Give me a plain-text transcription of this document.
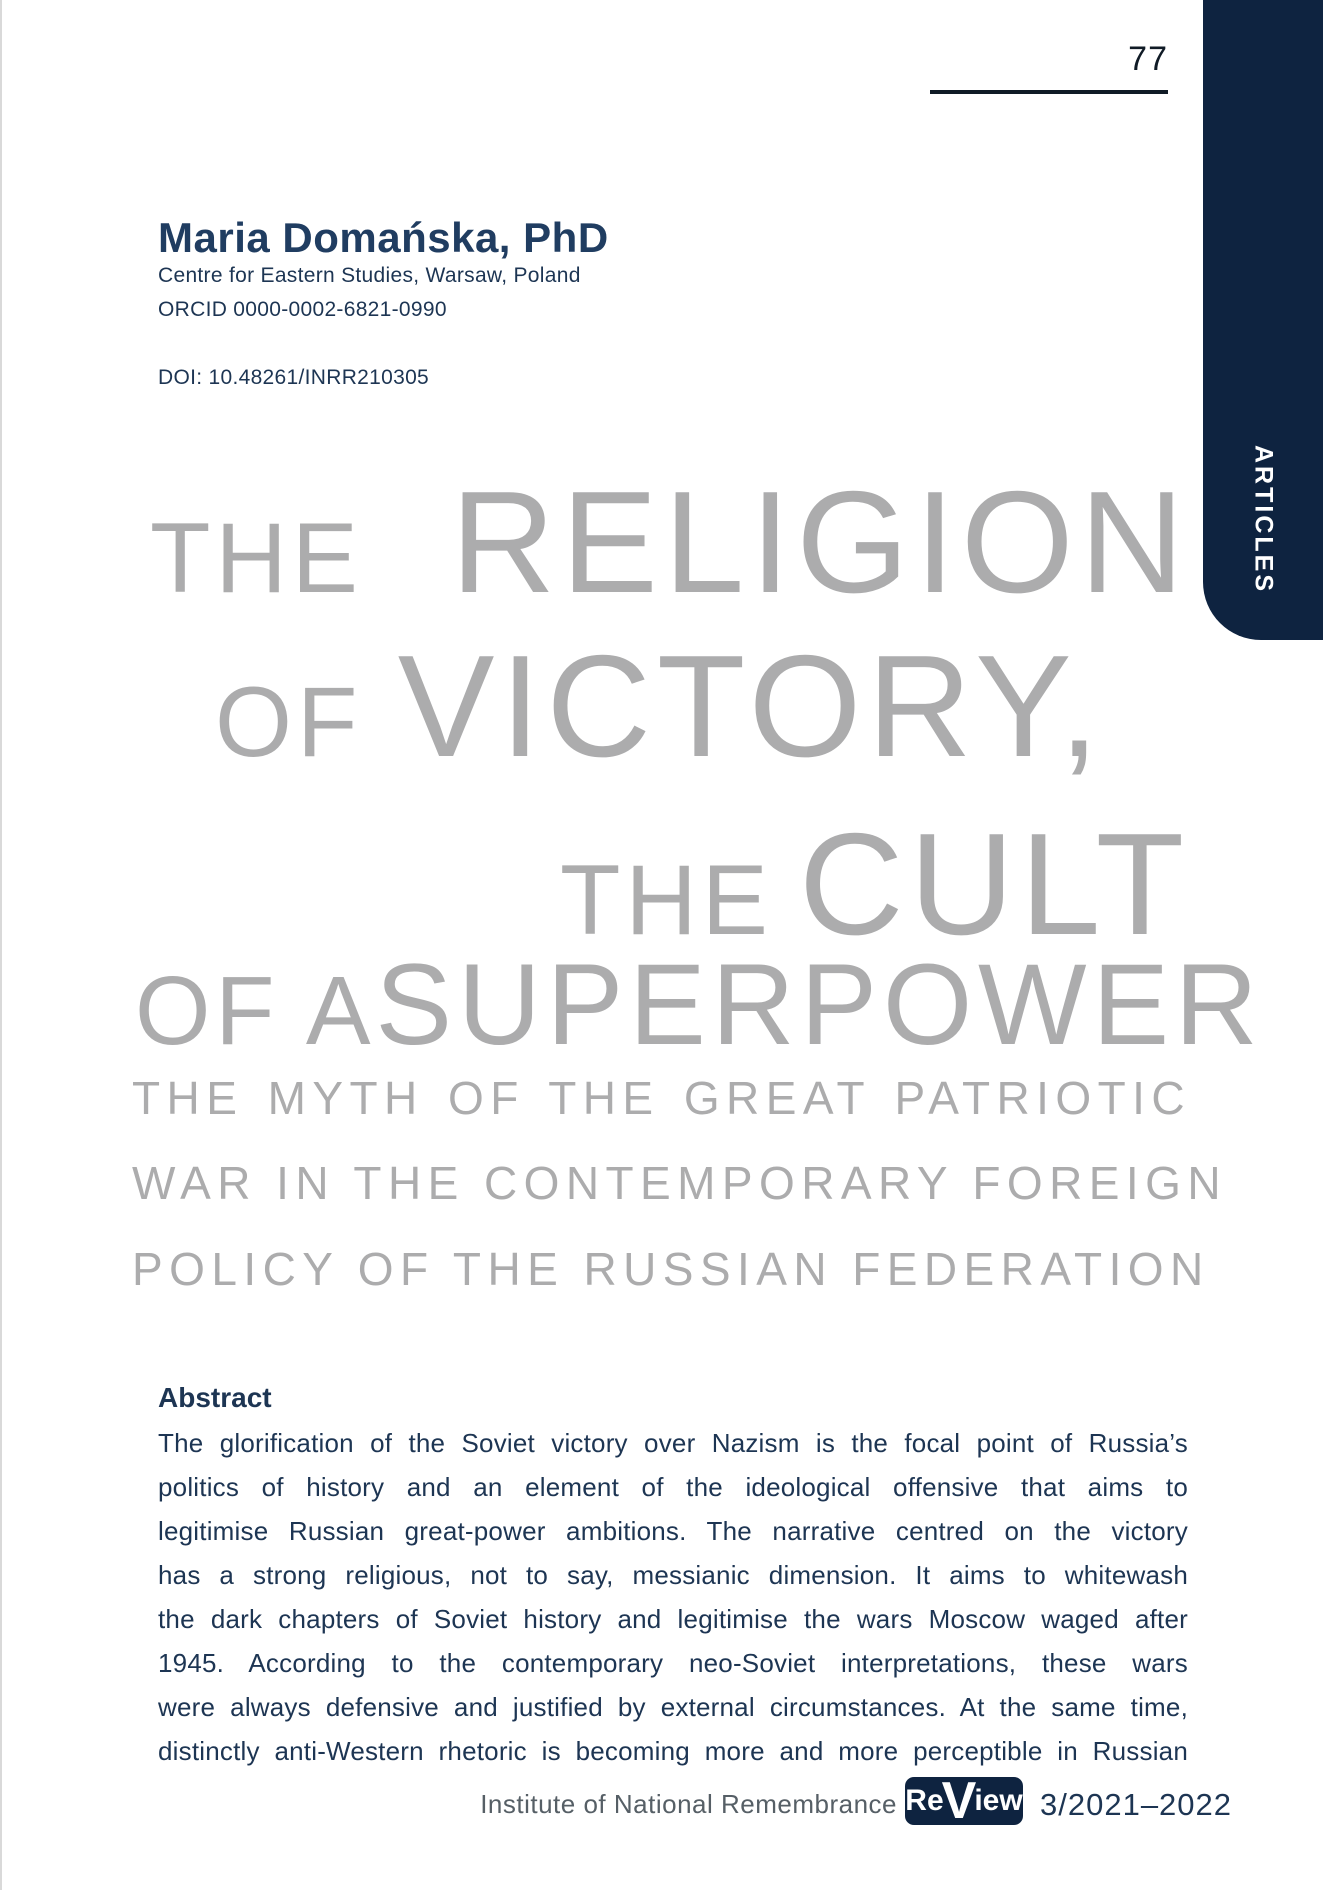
77
ARTICLES
Maria Domańska, PhD
Centre for Eastern Studies, Warsaw, Poland
ORCID 0000-0002-6821-0990
DOI: 10.48261/INRR210305
THE RELIGION
OF VICTORY,
THE CULT
OF A SUPERPOWER
THE MYTH OF THE GREAT PATRIOTIC
WAR IN THE CONTEMPORARY FOREIGN
POLICY OF THE RUSSIAN FEDERATION
Abstract
The glorification of the Soviet victory over Nazism is the focal point of Russia’s
politics of history and an element of the ideological offensive that aims to
legitimise Russian great-power ambitions. The narrative centred on the victory
has a strong religious, not to say, messianic dimension. It aims to whitewash
the dark chapters of Soviet history and legitimise the wars Moscow waged after
1945. According to the contemporary neo-Soviet interpretations, these wars
were always defensive and justified by external circumstances. At the same time,
distinctly anti-Western rhetoric is becoming more and more perceptible in Russian
Institute of National Remembrance Re
V
iew 3/2021–2022
